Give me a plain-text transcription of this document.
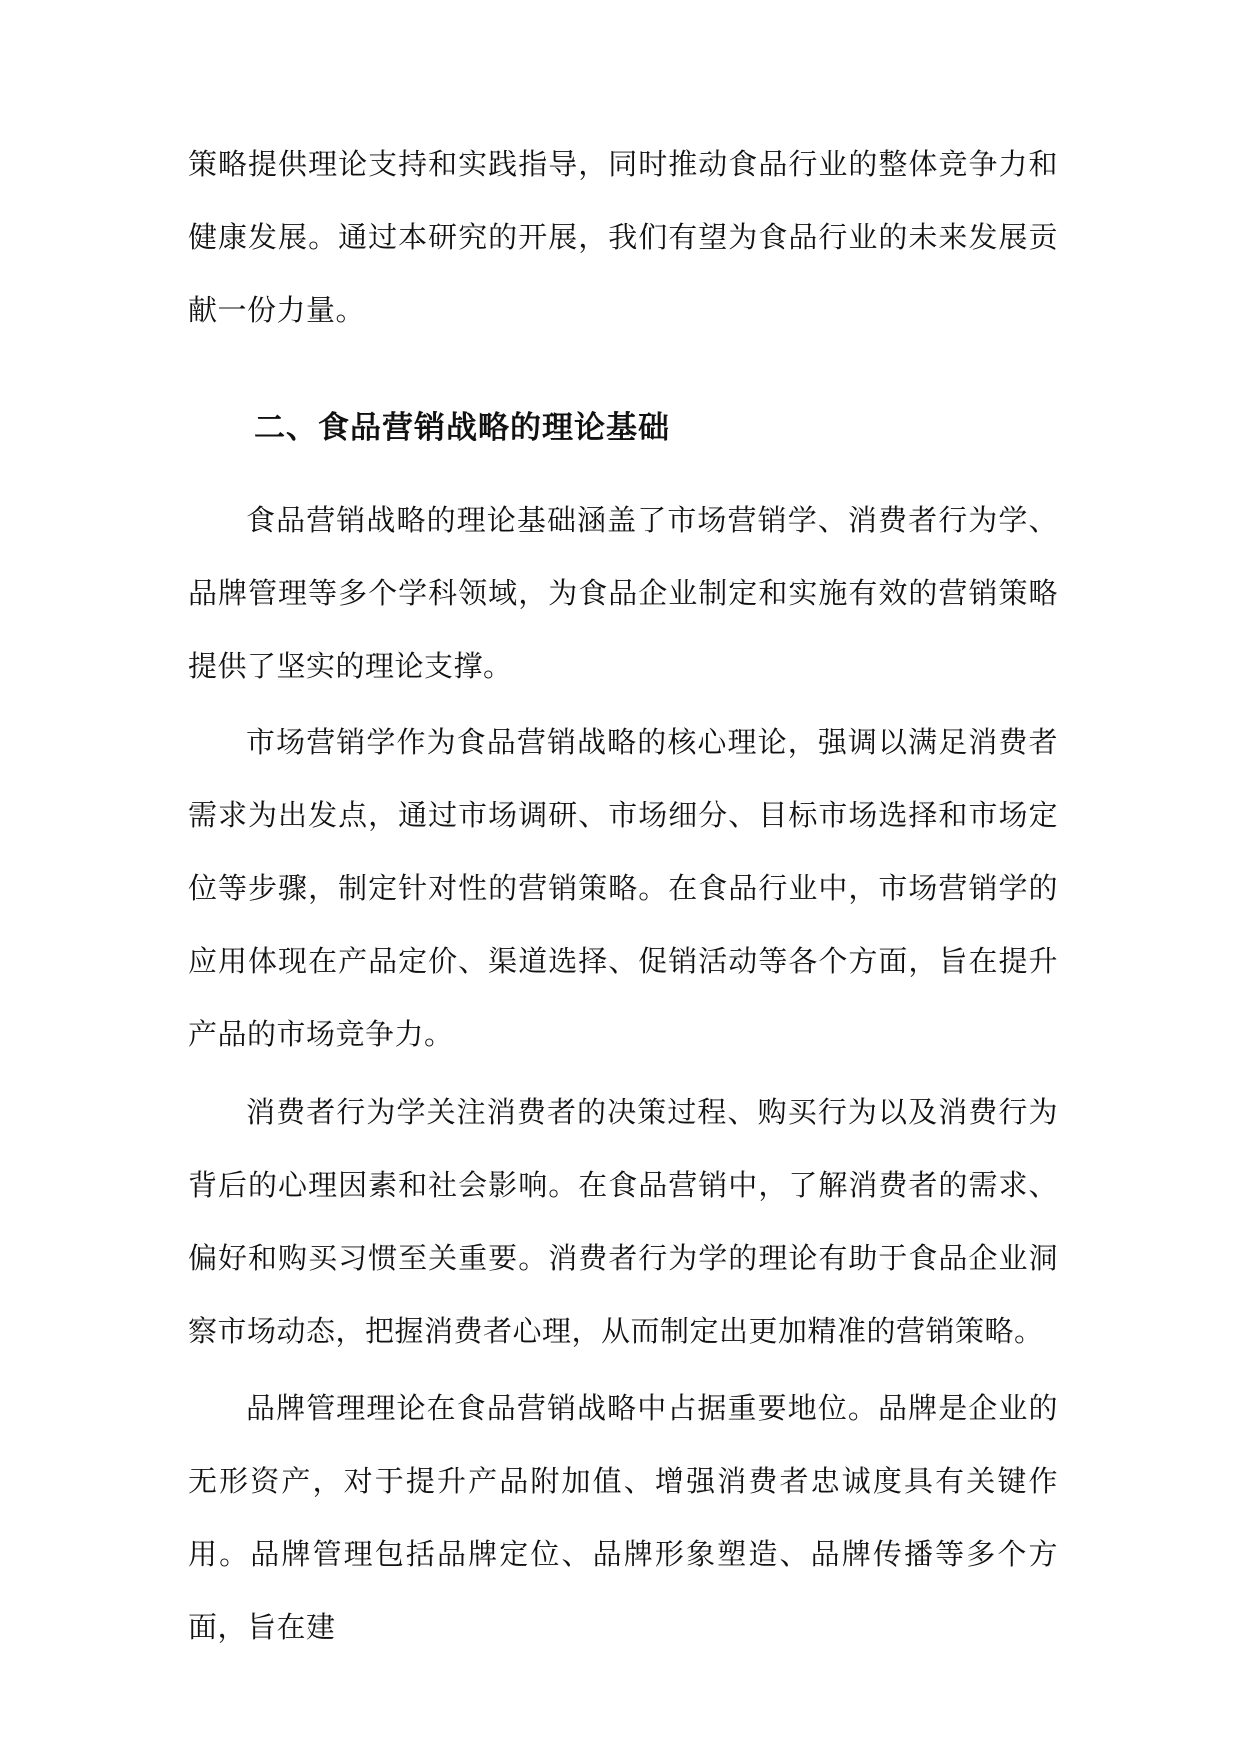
策略提供理论支持和实践指导，同时推动食品行业的整体竞争力和健康发展。通过本研究的开展，我们有望为食品行业的未来发展贡献一份力量。

二、食品营销战略的理论基础

食品营销战略的理论基础涵盖了市场营销学、消费者行为学、品牌管理等多个学科领域，为食品企业制定和实施有效的营销策略提供了坚实的理论支撑。

市场营销学作为食品营销战略的核心理论，强调以满足消费者需求为出发点，通过市场调研、市场细分、目标市场选择和市场定位等步骤，制定针对性的营销策略。在食品行业中，市场营销学的应用体现在产品定价、渠道选择、促销活动等各个方面，旨在提升产品的市场竞争力。

消费者行为学关注消费者的决策过程、购买行为以及消费行为背后的心理因素和社会影响。在食品营销中，了解消费者的需求、偏好和购买习惯至关重要。消费者行为学的理论有助于食品企业洞察市场动态，把握消费者心理，从而制定出更加精准的营销策略。

品牌管理理论在食品营销战略中占据重要地位。品牌是企业的无形资产，对于提升产品附加值、增强消费者忠诚度具有关键作用。品牌管理包括品牌定位、品牌形象塑造、品牌传播等多个方面，旨在建
